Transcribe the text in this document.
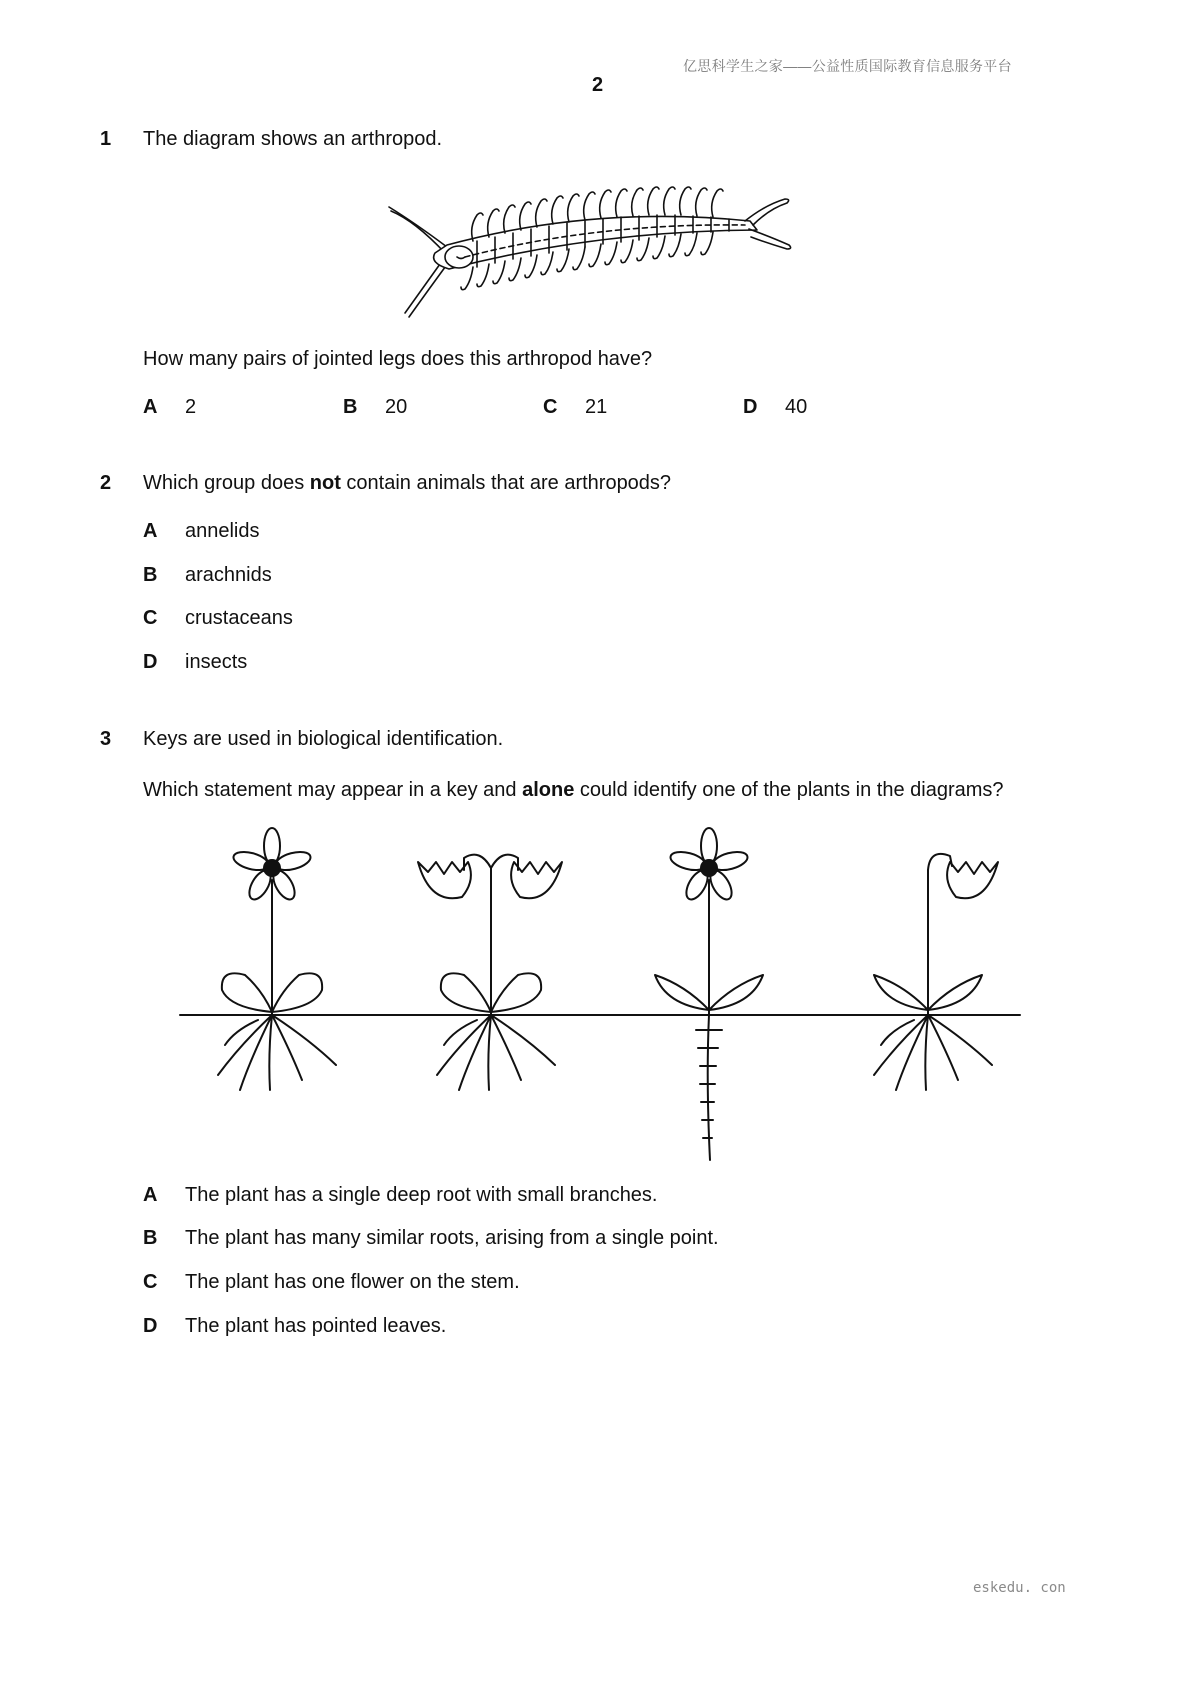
亿思科学生之家——公益性质国际教育信息服务平台
2
1 The diagram shows an arthropod.
How many pairs of jointed legs does this arthropod have?
A 2	B 20	C 21	D 40
2 Which group does not contain animals that are arthropods?
A annelids
B arachnids
C crustaceans
D insects
3 Keys are used in biological identification.
Which statement may appear in a key and alone could identify one of the plants in the diagrams?
A The plant has a single deep root with small branches.
B The plant has many similar roots, arising from a single point.
C The plant has one flower on the stem.
D The plant has pointed leaves.
eskedu. con
